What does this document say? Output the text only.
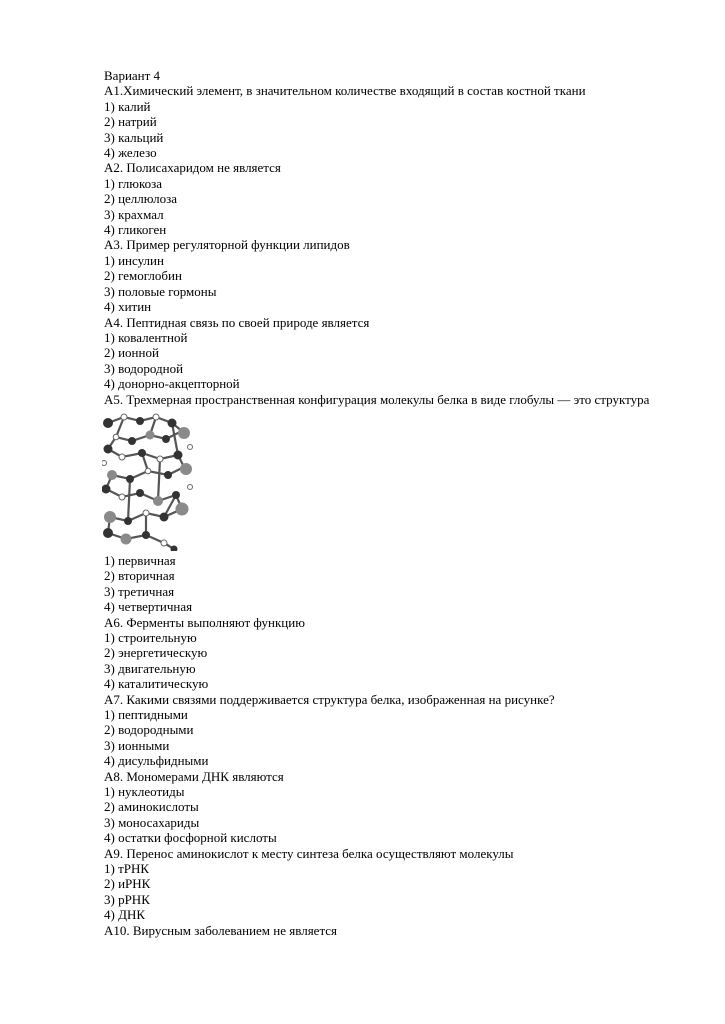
Вариант 4
А1.Химический элемент, в значительном количестве входящий в состав костной ткани
1) калий
2) натрий
3) кальций
4) железо
А2. Полисахаридом не является
1) глюкоза
2) целлюлоза
3) крахмал
4) гликоген
А3. Пример регуляторной функции липидов
1) инсулин
2) гемоглобин
3) половые гормоны
4) хитин
А4. Пептидная связь по своей природе является
1) ковалентной
2) ионной
3) водородной
4) донорно-акцепторной
А5. Трехмерная пространственная конфигурация молекулы белка в виде глобулы — это структура
1) первичная
2) вторичная
3) третичная
4) четвертичная
А6. Ферменты выполняют функцию
1) строительную
2) энергетическую
3) двигательную
4) каталитическую
А7. Какими связями поддерживается структура белка, изображенная на рисунке?
1) пептидными
2) водородными
3) ионными
4) дисульфидными
А8. Мономерами ДНК являются
1) нуклеотиды
2) аминокислоты
3) моносахариды
4) остатки фосфорной кислоты
А9. Перенос аминокислот к месту синтеза белка осуществляют молекулы
1) тРНК
2) иРНК
3) рРНК
4) ДНК
А10. Вирусным заболеванием не является
